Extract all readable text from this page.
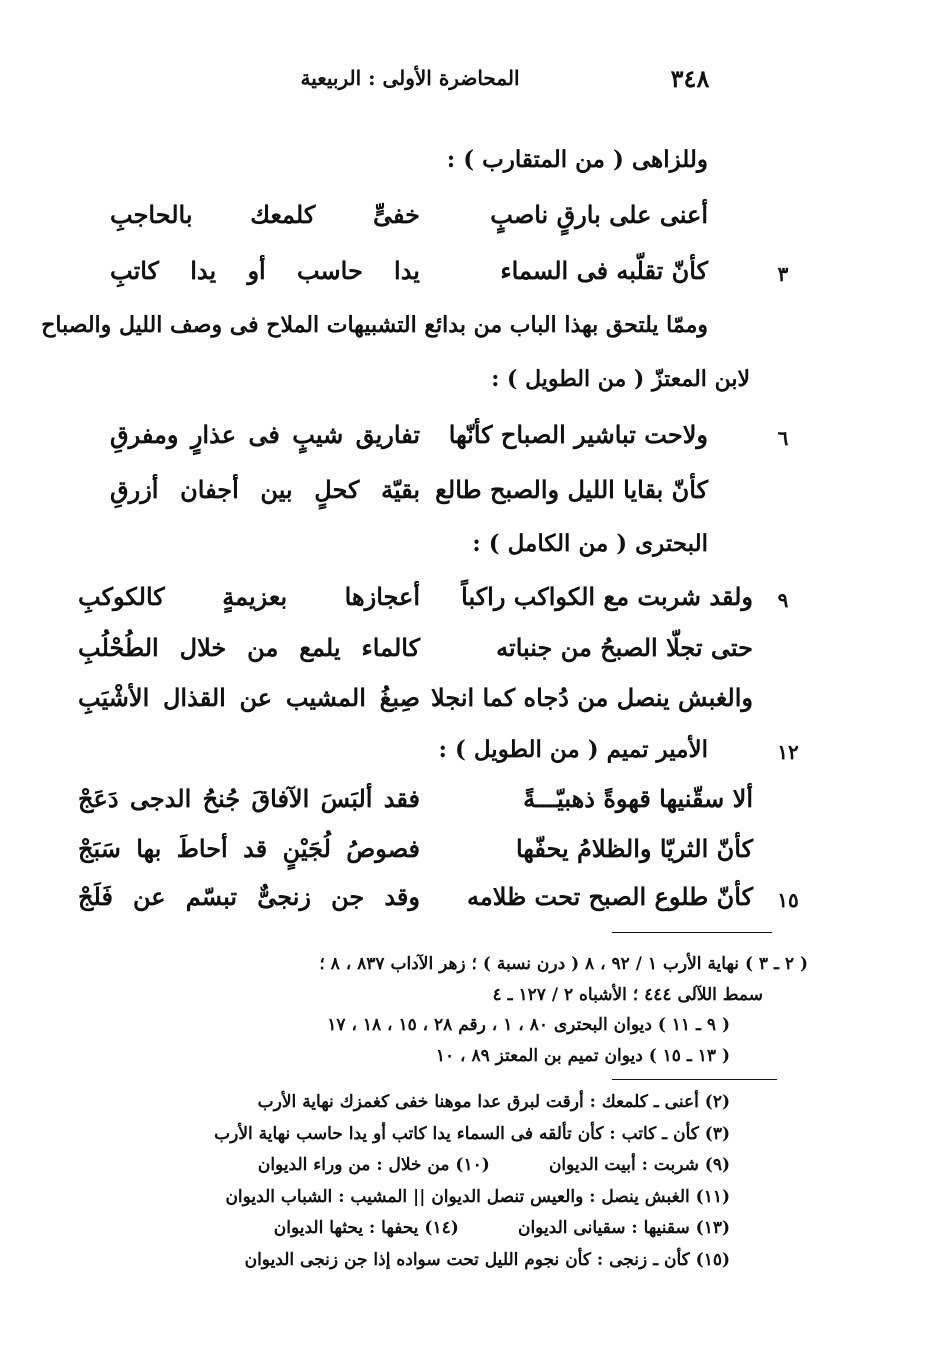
٣٤٨
المحاضرة الأولى : الربيعية
وللزاهى ( من المتقارب ) :
أعنى على بارقٍ ناصبٍ
خفىٍّ كلمعك بالحاجبِ
٣
كأنّ تقلّبه فى السماء
يدا حاسب أو يدا كاتبِ
وممّا يلتحق بهذا الباب من بدائع التشبيهات الملاح فى وصف الليل والصباح
لابن المعتزّ ( من الطويل ) :
٦
ولاحت تباشير الصباح كأنّها
تفاريق شيبٍ فى عذارٍ ومفرقِ
كأنّ بقايا الليل والصبح طالع
بقيّة كحلٍ بين أجفان أزرقِ
البحترى ( من الكامل ) :
٩
ولقد شربت مع الكواكب راكباً
أعجازها بعزيمةٍ كالكوكبِ
حتى تجلّا الصبحُ من جنباته
كالماء يلمع من خلال الطُحْلُبِ
والغبش ينصل من دُجاه كما انجلا
صِبغُ المشيب عن القذال الأشْيَبِ
١٢
الأمير تميم ( من الطويل ) :
ألا سقّنيها قهوةً ذهبيّـــةً
فقد ألبَسَ الآفاقَ جُنحُ الدجى دَعَجْ
كأنّ الثريّا والظلامُ يحفّها
فصوصُ لُجَيْنٍ قد أحاطَ بها سَبَجْ
١٥
كأنّ طلوع الصبح تحت ظلامه
وقد جن زنجىٌّ تبسّم عن فَلَجْ
( ٢ ـ ٣ ) نهاية الأرب ١ / ٩٢ ، ٨ ( درن نسبة ) ؛ زهر الآداب ٨٣٧ ، ٨ ؛
سمط اللآلى ٤٤٤ ؛ الأشباه ٢ / ١٢٧ ـ ٤
( ٩ ـ ١١ ) ديوان البحترى ٨٠ ، ١ ، رقم ٢٨ ، ١٥ ، ١٨ ، ١٧
( ١٣ ـ ١٥ ) ديوان تميم بن المعتز ٨٩ ، ١٠
(٢) أعنى ـ كلمعك : أرقت لبرق عدا موهنا خفى كغمزك نهاية الأرب
(٣) كأن ـ كاتب : كأن تألقه فى السماء يدا كاتب أو يدا حاسب نهاية الأرب
(٩) شربت : أبيت الديوان          (١٠) من خلال : من وراء الديوان
(١١) الغبش ينصل : والعيس تنصل الديوان || المشيب : الشباب الديوان
(١٣) سقنيها : سقيانى الديوان          (١٤) يحفها : يحثها الديوان
(١٥) كأن ـ زنجى : كأن نجوم الليل تحت سواده إذا جن زنجى الديوان
